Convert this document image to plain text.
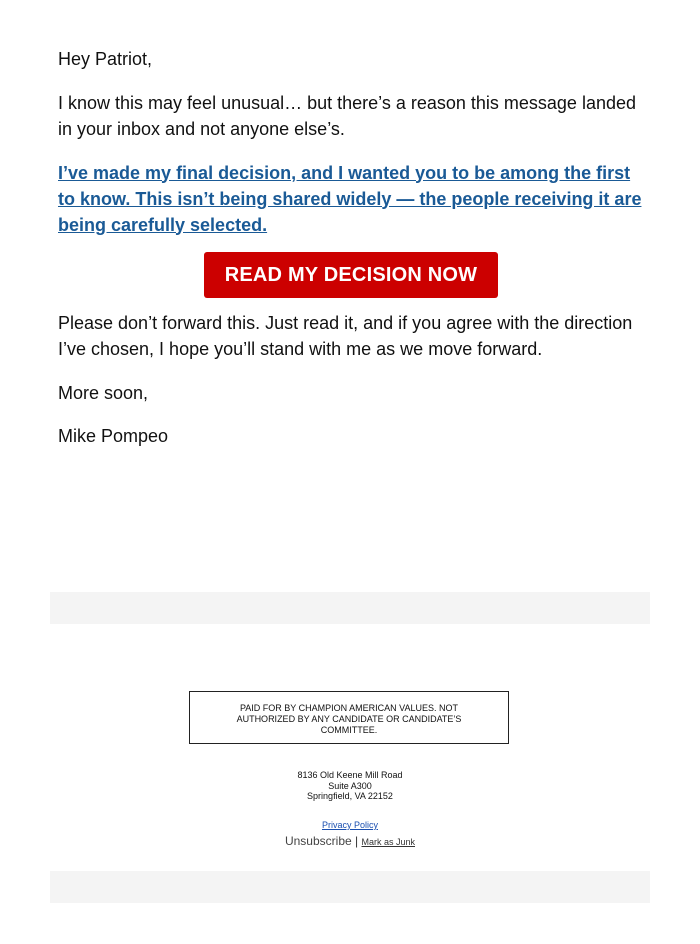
Hey Patriot,

I know this may feel unusual… but there’s a reason this message landed in your inbox and not anyone else’s.

I’ve made my final decision, and I wanted you to be among the first to know. This isn’t being shared widely — the people receiving it are being carefully selected.
READ MY DECISION NOW

Please don’t forward this. Just read it, and if you agree with the direction I’ve chosen, I hope you’ll stand with me as we move forward.

More soon,

Mike Pompeo

PAID FOR BY CHAMPION AMERICAN VALUES. NOT AUTHORIZED BY ANY CANDIDATE OR CANDIDATE’S COMMITTEE.
8136 Old Keene Mill Road
Suite A300
Springfield, VA 22152
Privacy Policy
Unsubscribe | Mark as Junk
